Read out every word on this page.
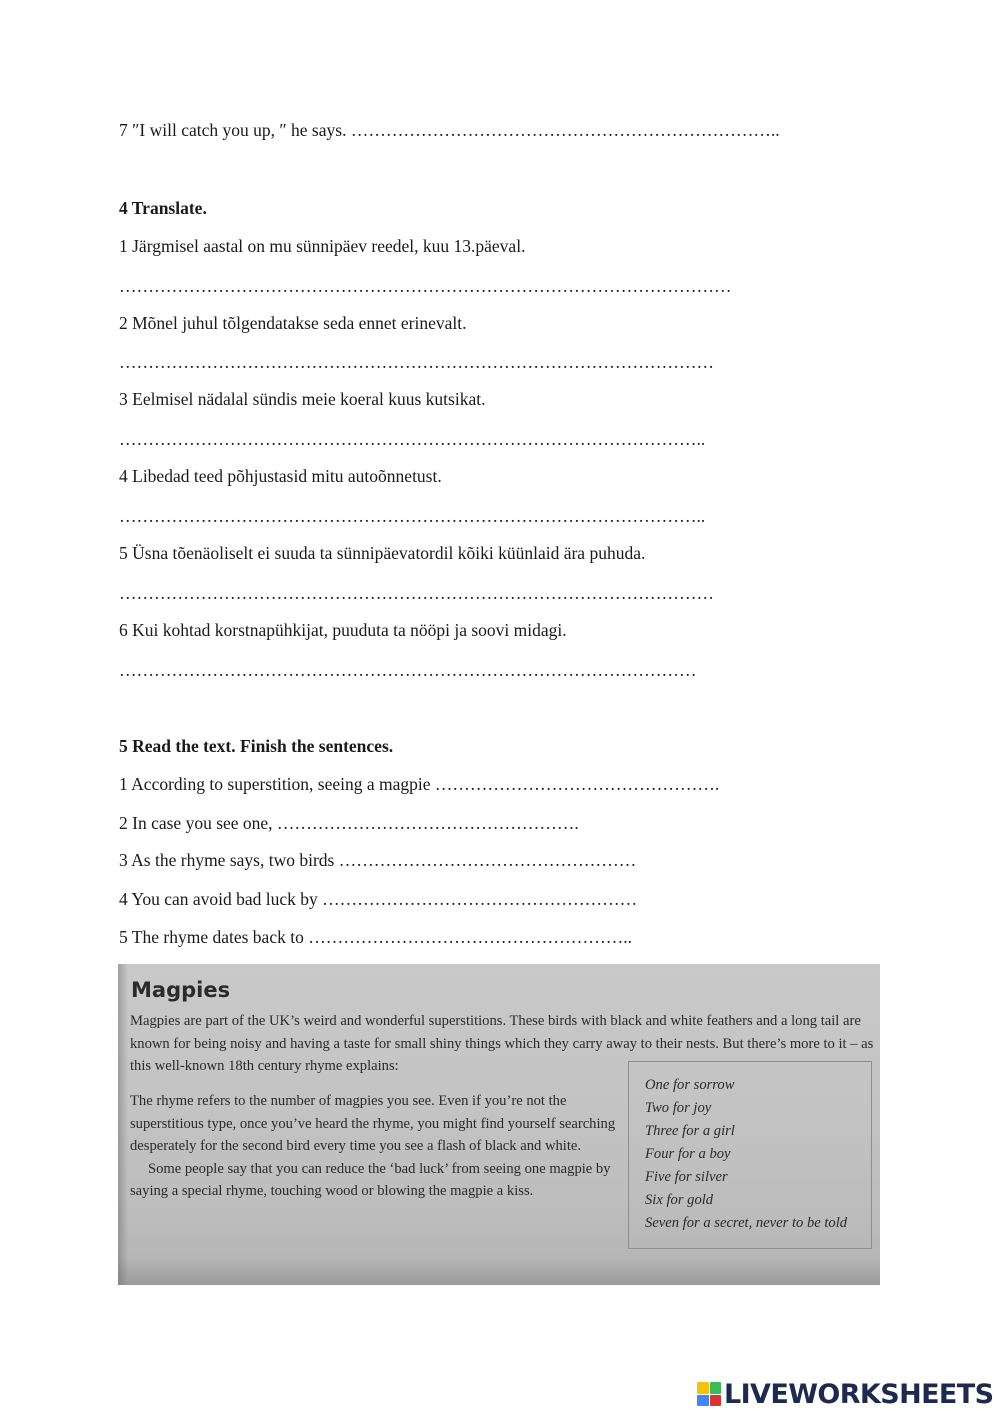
7 ″I will catch you up, ″ he says. ………………………………………………………………..
4 Translate.
1 Järgmisel aastal on mu sünnipäev reedel, kuu 13.päeval.
……………………………………………………………………………………………
2 Mõnel juhul tõlgendatakse seda ennet erinevalt.
…………………………………………………………………………………………
3 Eelmisel nädalal sündis meie koeral kuus kutsikat.
………………………………………………………………………………………..
4 Libedad teed põhjustasid mitu autoõnnetust.
………………………………………………………………………………………..
5 Üsna tõenäoliselt ei suuda ta sünnipäevatordil kõiki küünlaid ära puhuda.
…………………………………………………………………………………………
6 Kui kohtad korstnapühkijat, puuduta ta nööpi ja soovi midagi.
………………………………………………………………………………………
5 Read the text. Finish the sentences.
1 According to superstition, seeing a magpie ………………………………………….
2 In case you see one, …………………………………………….
3 As the rhyme says, two birds ……………………………………………
4 You can avoid bad luck by ………………………………………………
5 The rhyme dates back to ………………………………………………..
Magpies
Magpies are part of the UK’s weird and wonderful superstitions. These birds with black and white feathers and a long tail are known for being noisy and having a taste for small shiny things which they carry away to their nests. But there’s more to it – as this well-known 18th century rhyme explains:

The rhyme refers to the number of magpies you see. Even if you’re not the superstitious type, once you’ve heard the rhyme, you might find yourself searching desperately for the second bird every time you see a flash of black and white.

Some people say that you can reduce the ‘bad luck’ from seeing one magpie by saying a special rhyme, touching wood or blowing the magpie a kiss.

One for sorrow
Two for joy
Three for a girl
Four for a boy
Five for silver
Six for gold
Seven for a secret, never to be told
LIVEWORKSHEETS
